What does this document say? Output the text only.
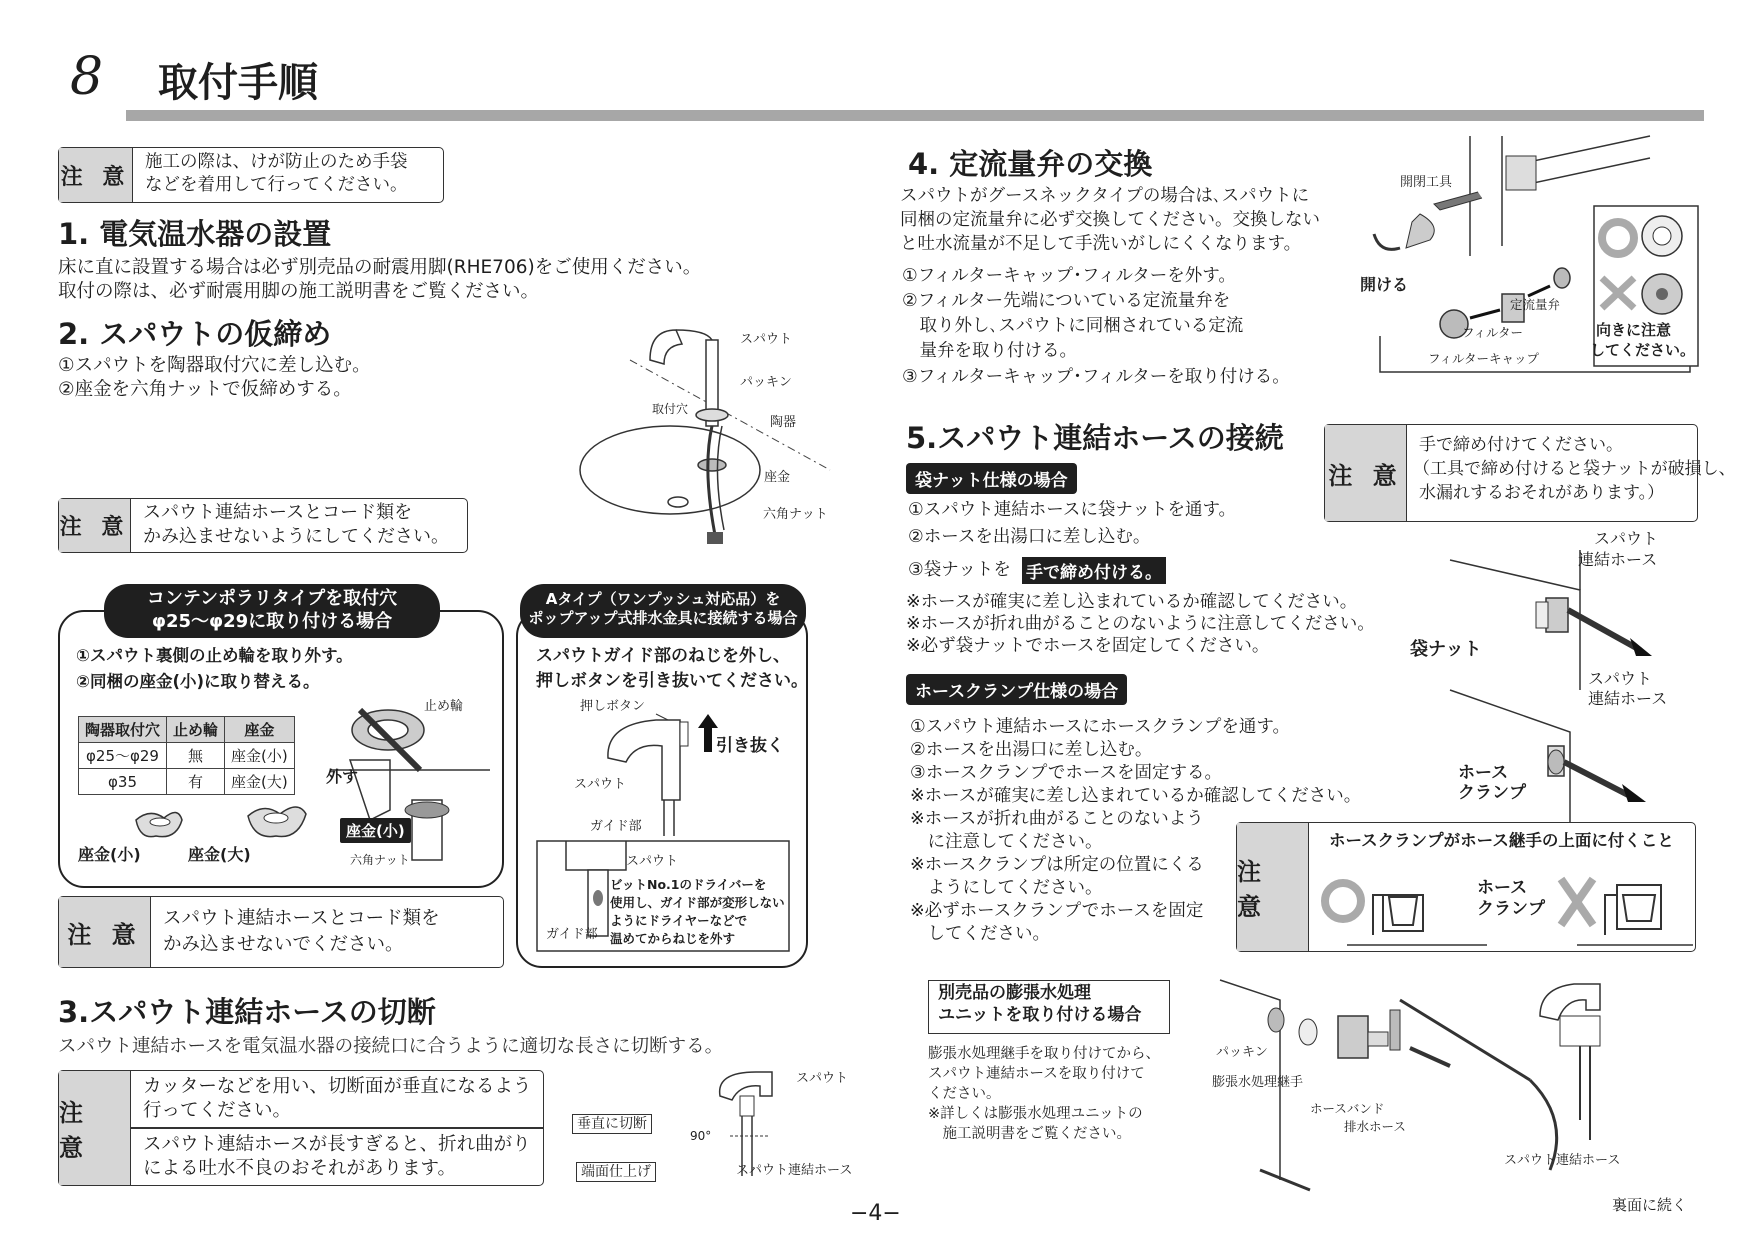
8 取付手順
注 意
施工の際は、けが防止のため手袋
などを着用して行ってください。
1. 電気温水器の設置
床に直に設置する場合は必ず別売品の耐震用脚(RHE706)をご使用ください。
取付の際は、必ず耐震用脚の施工説明書をご覧ください。
2. スパウトの仮締め
①スパウトを陶器取付穴に差し込む。
②座金を六角ナットで仮締めする。
スパウト
パッキン
取付穴
陶器
座金
六角ナット
注 意
スパウト連結ホースとコード類を
かみ込ませないようにしてください。
コンテンポラリタイプを取付穴
φ25～φ29に取り付ける場合
①スパウト裏側の止め輪を取り外す。
②同梱の座金(小)に取り替える。
陶器取付穴	止め輪	座金
φ25～φ29	無	座金(小)
φ35	有	座金(大)
座金(小)	座金(大)
止め輪
外す
座金(小)
六角ナット
Aタイプ（ワンプッシュ対応品）を
ポップアップ式排水金具に接続する場合
スパウトガイド部のねじを外し、
押しボタンを引き抜いてください。
押しボタン
引き抜く
スパウト
ガイド部
スパウト
ガイド部
ビットNo.1のドライバーを
使用し、ガイド部が変形しない
ようにドライヤーなどで
温めてからねじを外す
注 意
スパウト連結ホースとコード類を
かみ込ませないでください。
3.スパウト連結ホースの切断
スパウト連結ホースを電気温水器の接続口に合うように適切な長さに切断する。
注 意
カッターなどを用い、切断面が垂直になるよう
行ってください。
スパウト連結ホースが長すぎると、折れ曲がり
による吐水不良のおそれがあります。
スパウト
垂直に切断
90°
端面仕上げ	スパウト連結ホース
4. 定流量弁の交換
スパウトがグースネックタイプの場合は､スパウトに
同梱の定流量弁に必ず交換してください。交換しない
と吐水流量が不足して手洗いがしにくくなります。
①フィルターキャップ･フィルターを外す。
②フィルター先端についている定流量弁を
　取り外し､スパウトに同梱されている定流
　量弁を取り付ける。
③フィルターキャップ･フィルターを取り付ける。
開閉工具
開ける
定流量弁
フィルター
フィルターキャップ
向きに注意
してください。
5.スパウト連結ホースの接続
袋ナット仕様の場合
①スパウト連結ホースに袋ナットを通す。
②ホースを出湯口に差し込む。
③袋ナットを 手で締め付ける。
※ホースが確実に差し込まれているか確認してください。
※ホースが折れ曲がることのないように注意してください。
※必ず袋ナットでホースを固定してください。
注 意
手で締め付けてください。
（工具で締め付けると袋ナットが破損し、
水漏れするおそれがあります。）
スパウト
連結ホース
袋ナット
ホースクランプ仕様の場合
①スパウト連結ホースにホースクランプを通す。
②ホースを出湯口に差し込む。
③ホースクランプでホースを固定する。
※ホースが確実に差し込まれているか確認してください。
※ホースが折れ曲がることのないよう
　に注意してください。
※ホースクランプは所定の位置にくる
　ようにしてください。
※必ずホースクランプでホースを固定
　してください。
スパウト
連結ホース
ホース
クランプ
注 意
ホースクランプがホース継手の上面に付くこと
ホース
クランプ
別売品の膨張水処理
ユニットを取り付ける場合
膨張水処理継手を取り付けてから、
スパウト連結ホースを取り付けて
ください。
※詳しくは膨張水処理ユニットの
　施工説明書をご覧ください。
パッキン
膨張水処理継手
ホースバンド
排水ホース
スパウト連結ホース
−4−	裏面に続く
